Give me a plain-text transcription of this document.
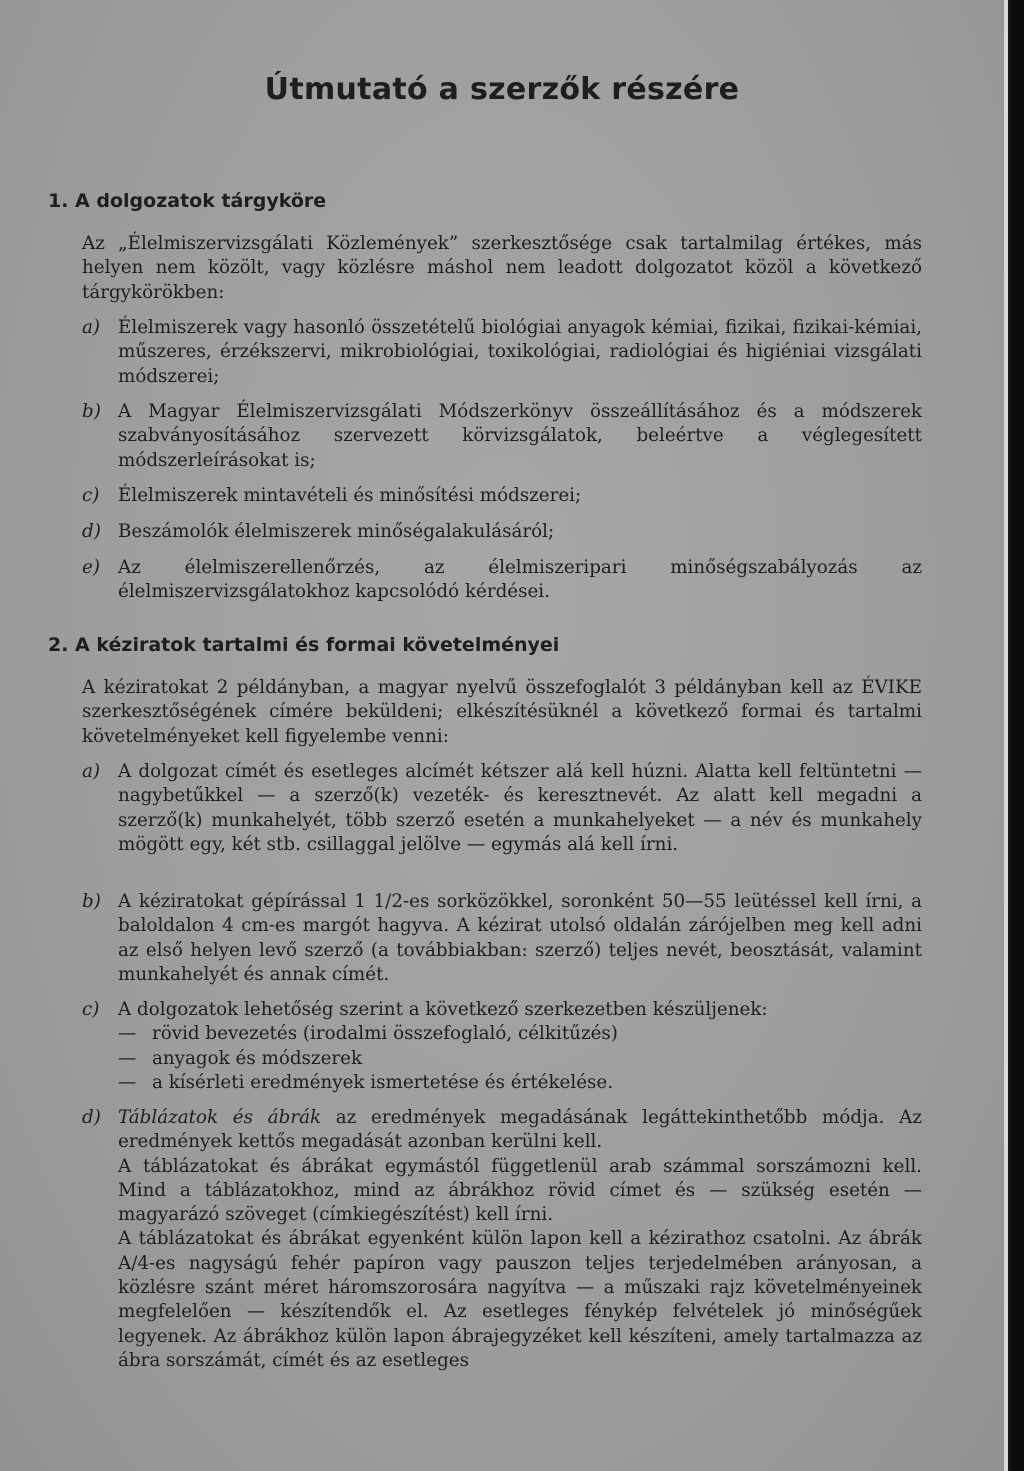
Útmutató a szerzők részére
1. A dolgozatok tárgyköre

Az „Élelmiszervizsgálati Közlemények” szerkesztősége csak tartalmilag értékes, más helyen nem közölt, vagy közlésre máshol nem leadott dolgozatot közöl a következő tárgykörökben:

a) Élelmiszerek vagy hasonló összetételű biológiai anyagok kémiai, fizikai, fizikai-kémiai, műszeres, érzékszervi, mikrobiológiai, toxikológiai, radiológiai és higiéniai vizsgálati módszerei;

b) A Magyar Élelmiszervizsgálati Módszerkönyv összeállításához és a módszerek szabványosításához szervezett körvizsgálatok, beleértve a véglegesített módszerleírásokat is;

c)	Élelmiszerek mintavételi és minősítési módszerei;

d) Beszámolók élelmiszerek minőségalakulásáról;

e) Az élelmiszerellenőrzés, az élelmiszeripari minőségszabályozás az élelmiszervizsgálatokhoz kapcsolódó kérdései.

2. A kéziratok tartalmi és formai követelményei

A kéziratokat 2 példányban, a magyar nyelvű összefoglalót 3 példányban kell az ÉVIKE szerkesztőségének címére beküldeni; elkészítésüknél a következő formai és tartalmi követelményeket kell figyelembe venni:

a) A dolgozat címét és esetleges alcímét kétszer alá kell húzni. Alatta kell feltüntetni — nagybetűkkel — a szerző(k) vezeték- és keresztnevét. Az alatt kell megadni a szerző(k) munkahelyét, több szerző esetén a munkahelyeket — a név és munkahely mögött egy, két stb. csillaggal jelölve — egymás alá kell írni.

b) A kéziratokat gépírással 1 1/2-es sorközökkel, soronként 50—55 leütéssel kell írni, a baloldalon 4 cm-es margót hagyva. A kézirat utolsó oldalán zárójelben meg kell adni az első helyen levő szerző (a továbbiakban: szerző) teljes nevét, beosztását, valamint munkahelyét és annak címét.

c)	A dolgozatok lehetőség szerint a következő szerkezetben készüljenek:

— rövid bevezetés (irodalmi összefoglaló, célkitűzés)
— anyagok és módszerek
— a kísérleti eredmények ismertetése és értékelése.
d) Táblázatok és ábrák az eredmények megadásának legáttekinthetőbb módja. Az eredmények kettős megadását azonban kerülni kell.

A táblázatokat és ábrákat egymástól függetlenül arab számmal sorszámozni kell. Mind a táblázatokhoz, mind az ábrákhoz rövid címet és — szükség esetén — magyarázó szöveget (címkiegészítést) kell írni.

A táblázatokat és ábrákat egyenként külön lapon kell a kézirathoz csatolni. Az ábrák A/4-es nagyságú fehér papíron vagy pauszon teljes terjedelmében arányosan, a közlésre szánt méret háromszorosára nagyítva — a műszaki rajz követelményeinek megfelelően — készítendők el. Az esetleges fénykép felvételek jó minőségűek legyenek. Az ábrákhoz külön lapon ábrajegyzéket kell készíteni, amely tartalmazza az ábra sorszámát, címét és az esetleges
